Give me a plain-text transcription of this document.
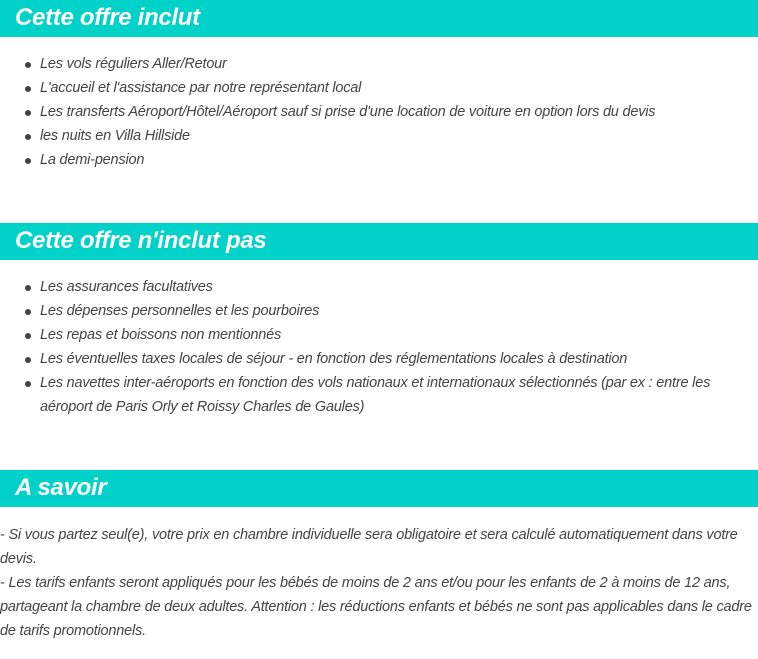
Cette offre inclut
Les vols réguliers Aller/Retour
L'accueil et l'assistance par notre représentant local
Les transferts Aéroport/Hôtel/Aéroport sauf si prise d'une location de voiture en option lors du devis
les nuits en Villa Hillside
La demi-pension
Cette offre n'inclut pas
Les assurances facultatives
Les dépenses personnelles et les pourboires
Les repas et boissons non mentionnés
Les éventuelles taxes locales de séjour - en fonction des réglementations locales à destination
Les navettes inter-aéroports en fonction des vols nationaux et internationaux sélectionnés (par ex : entre les aéroport de Paris Orly et Roissy Charles de Gaules)
A savoir

- Si vous partez seul(e), votre prix en chambre individuelle sera obligatoire et sera calculé automatiquement dans votre devis.

- Les tarifs enfants seront appliqués pour les bébés de moins de 2 ans et/ou pour les enfants de 2 à moins de 12 ans, partageant la chambre de deux adultes. Attention : les réductions enfants et bébés ne sont pas applicables dans le cadre de tarifs promotionnels.
